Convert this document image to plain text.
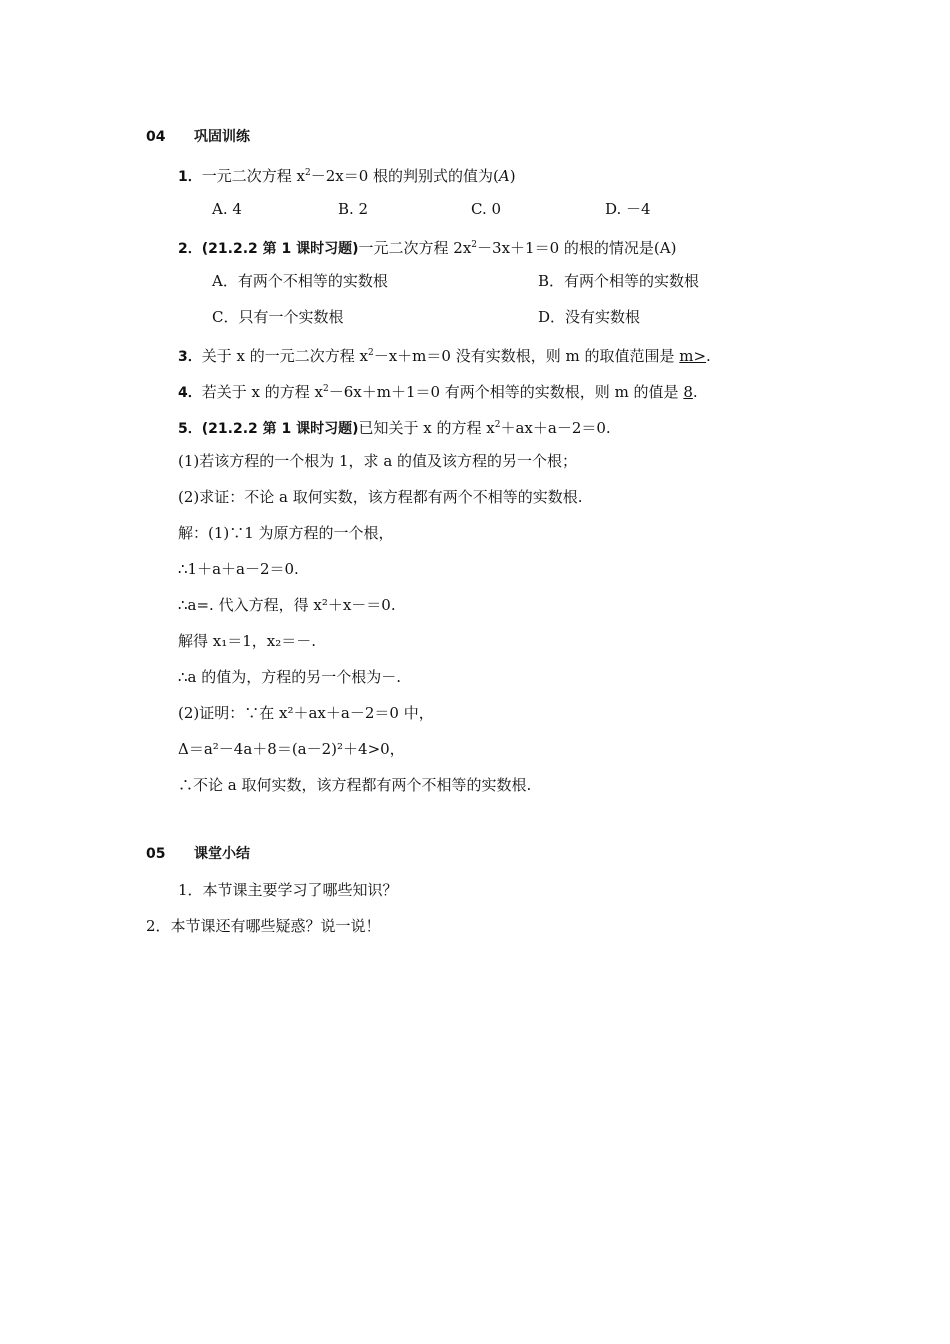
04 巩固训练
1．一元二次方程 $x^2-2x=0$ 根的判别式的值为(A)
A. 4	B. 2	C. 0	D. －4
2．(21.2.2 第 1 课时习题)一元二次方程 $2x^2-3x+1=0$ 的根的情况是(A)
A．有两个不相等的实数根	B．有两个相等的实数根
C．只有一个实数根	D．没有实数根
3．关于 x 的一元二次方程 $x^2-x+m=0$ 没有实数根，则 m 的取值范围是 m>.
4．若关于 x 的方程 $x^2-6x+m+1=0$ 有两个相等的实数根，则 m 的值是 8.
5．(21.2.2 第 1 课时习题)已知关于 x 的方程 $x^2+ax+a-2=0$.
(1)若该方程的一个根为 1，求 a 的值及该方程的另一个根；
(2)求证：不论 a 取何实数，该方程都有两个不相等的实数根.
解：(1)∵1 为原方程的一个根，
∴1＋a＋a－2＝0.
∴a=. 代入方程，得 x²＋x－＝0.
解得 x₁＝1，x₂＝－.
∴a 的值为，方程的另一个根为－.
(2)证明：∵在 x²＋ax＋a－2＝0 中，
Δ＝a²－4a＋8＝(a－2)²＋4>0，
∴不论 a 取何实数，该方程都有两个不相等的实数根.
05 课堂小结
1．本节课主要学习了哪些知识？
2．本节课还有哪些疑惑？说一说！
